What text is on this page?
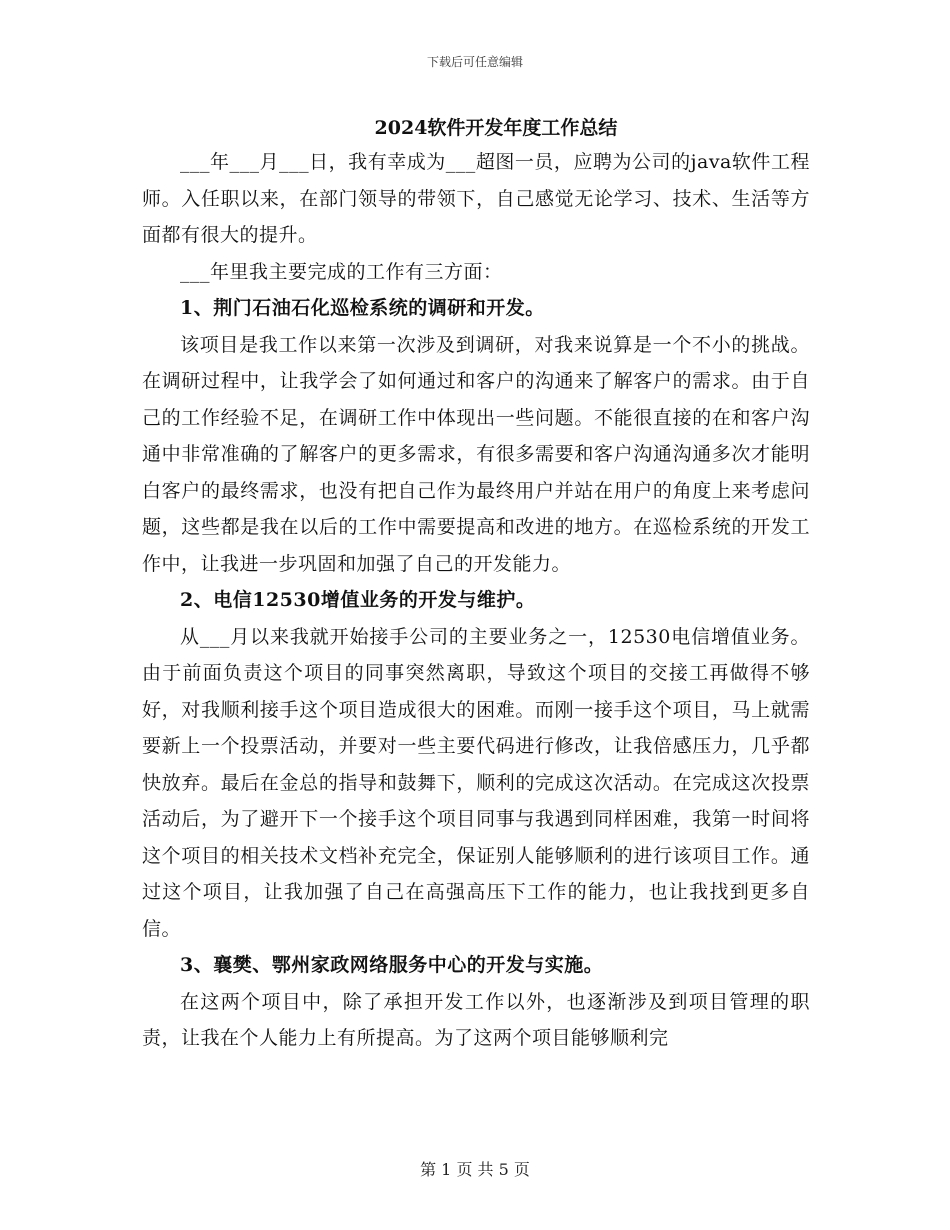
下载后可任意编辑
2024软件开发年度工作总结

___年___月___日，我有幸成为___超图一员，应聘为公司的java软件工程师。入任职以来，在部门领导的带领下，自己感觉无论学习、技术、生活等方面都有很大的提升。

___年里我主要完成的工作有三方面：

1、荆门石油石化巡检系统的调研和开发。

该项目是我工作以来第一次涉及到调研，对我来说算是一个不小的挑战。在调研过程中，让我学会了如何通过和客户的沟通来了解客户的需求。由于自己的工作经验不足，在调研工作中体现出一些问题。不能很直接的在和客户沟通中非常准确的了解客户的更多需求，有很多需要和客户沟通沟通多次才能明白客户的最终需求，也没有把自己作为最终用户并站在用户的角度上来考虑问题，这些都是我在以后的工作中需要提高和改进的地方。在巡检系统的开发工作中，让我进一步巩固和加强了自己的开发能力。

2、电信12530增值业务的开发与维护。

从___月以来我就开始接手公司的主要业务之一，12530电信增值业务。由于前面负责这个项目的同事突然离职，导致这个项目的交接工再做得不够好，对我顺利接手这个项目造成很大的困难。而刚一接手这个项目，马上就需要新上一个投票活动，并要对一些主要代码进行修改，让我倍感压力，几乎都快放弃。最后在金总的指导和鼓舞下，顺利的完成这次活动。在完成这次投票活动后，为了避开下一个接手这个项目同事与我遇到同样困难，我第一时间将这个项目的相关技术文档补充完全，保证别人能够顺利的进行该项目工作。通过这个项目，让我加强了自己在高强高压下工作的能力，也让我找到更多自信。

3、襄樊、鄂州家政网络服务中心的开发与实施。

在这两个项目中，除了承担开发工作以外，也逐渐涉及到项目管理的职责，让我在个人能力上有所提高。为了这两个项目能够顺利完

第 1 页 共 5 页
